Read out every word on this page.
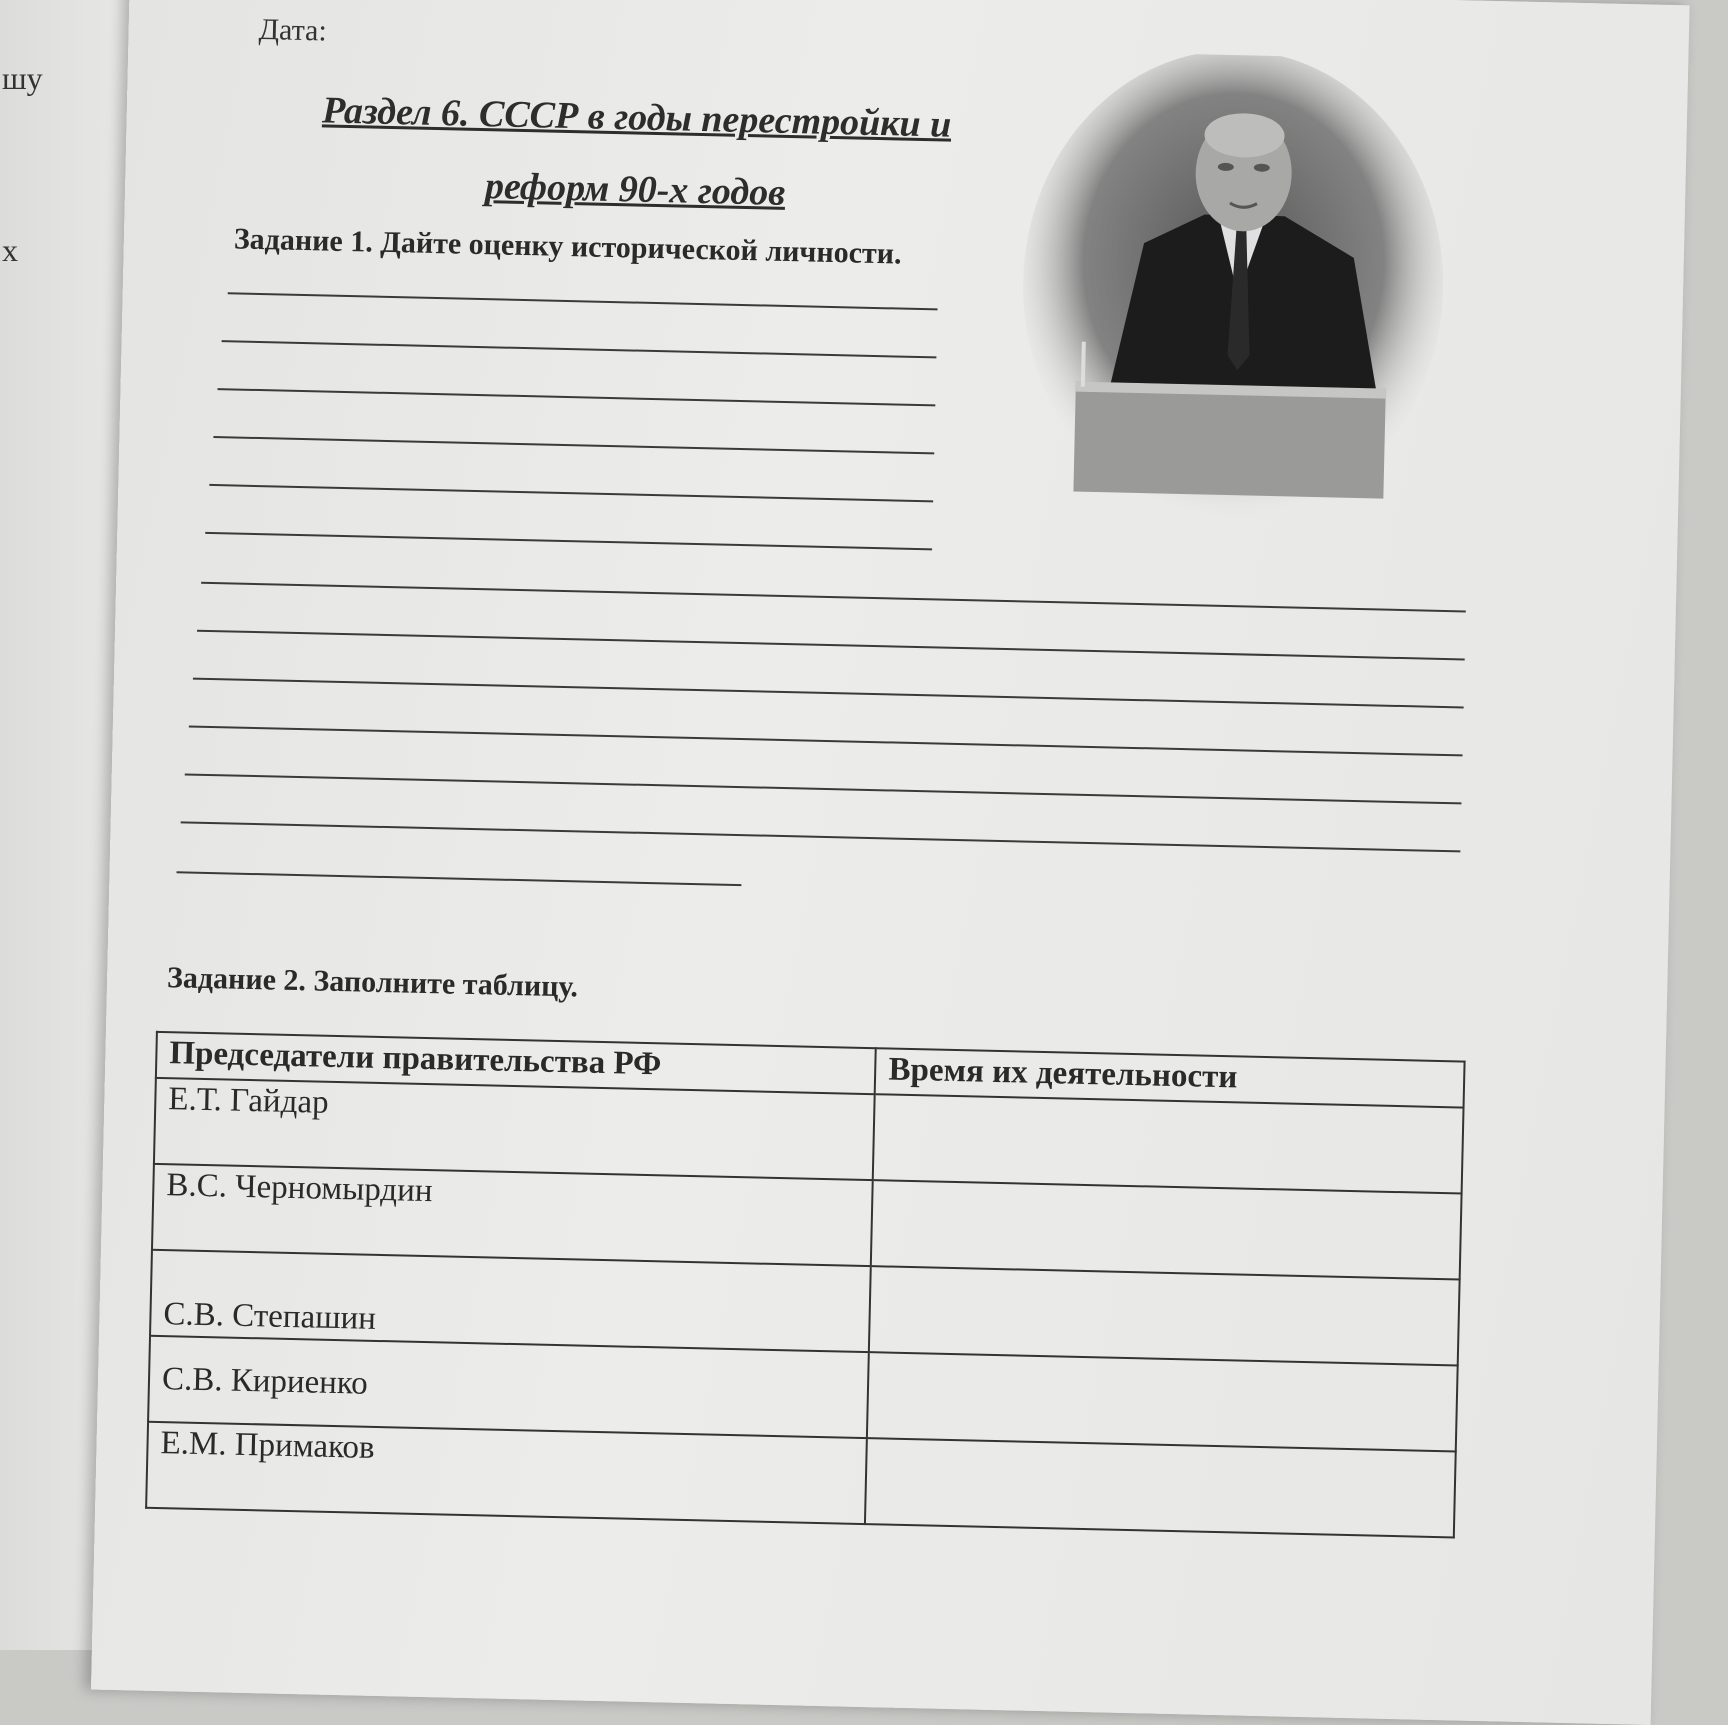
шу
х
Дата:
Раздел 6. СССР в годы перестройки и
реформ 90-х годов
Задание 1. Дайте оценку исторической личности.
Задание 2. Заполните таблицу.
Председатели правительства РФ	Время их деятельности
Е.Т. Гайдар	
В.С. Черномырдин	
С.В. Степашин	
С.В. Кириенко	
Е.М. Примаков	
